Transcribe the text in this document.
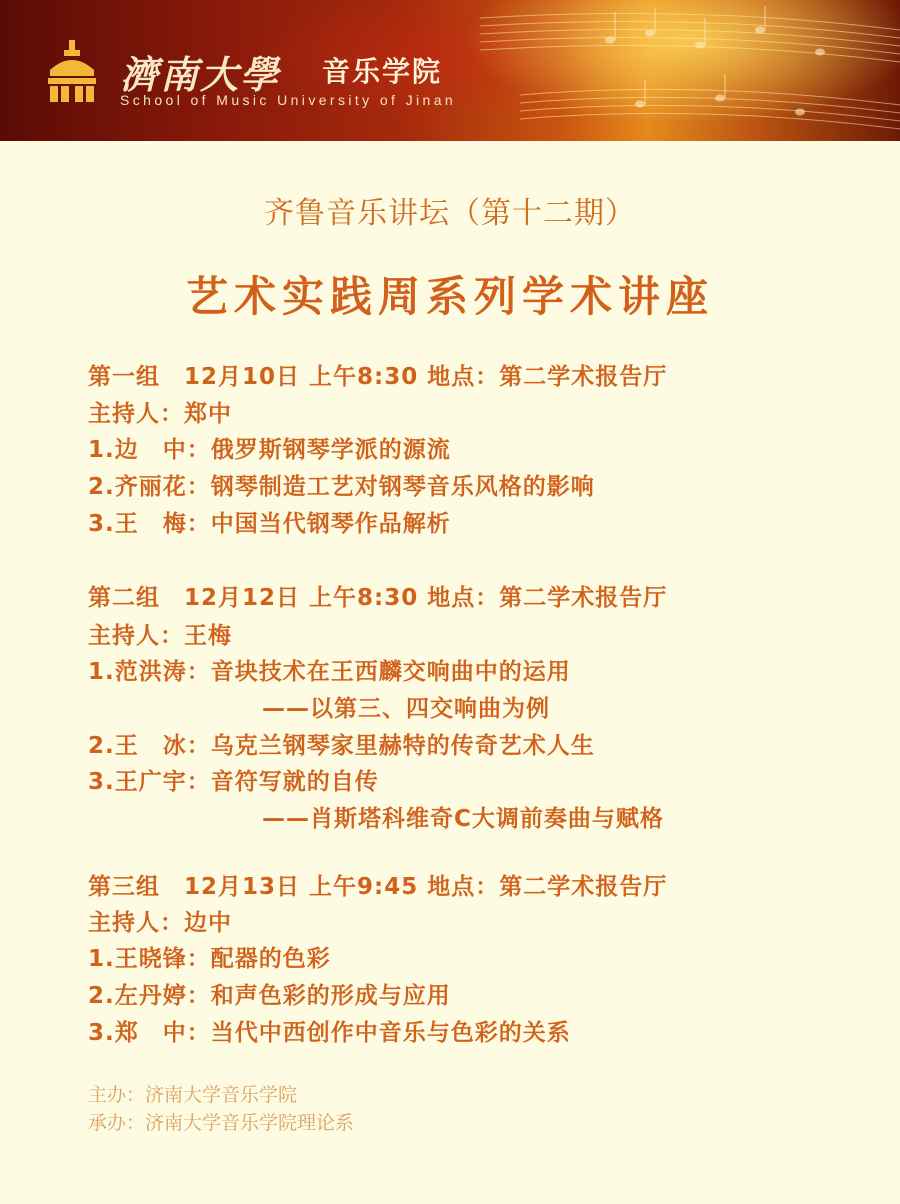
濟南大學 音乐学院
School of Music University of Jinan
齐鲁音乐讲坛（第十二期）
艺术实践周系列学术讲座
第一组　12月10日 上午8:30 地点：第二学术报告厅
主持人：郑中
1.边　中：俄罗斯钢琴学派的源流
2.齐丽花：钢琴制造工艺对钢琴音乐风格的影响
3.王　梅：中国当代钢琴作品解析
第二组　12月12日 上午8:30 地点：第二学术报告厅
主持人：王梅
1.范洪涛：音块技术在王西麟交响曲中的运用
——以第三、四交响曲为例
2.王　冰：乌克兰钢琴家里赫特的传奇艺术人生
3.王广宇：音符写就的自传
——肖斯塔科维奇C大调前奏曲与赋格
第三组　12月13日 上午9:45 地点：第二学术报告厅
主持人：边中
1.王晓锋：配器的色彩
2.左丹婷：和声色彩的形成与应用
3.郑　中：当代中西创作中音乐与色彩的关系
主办：济南大学音乐学院
承办：济南大学音乐学院理论系
